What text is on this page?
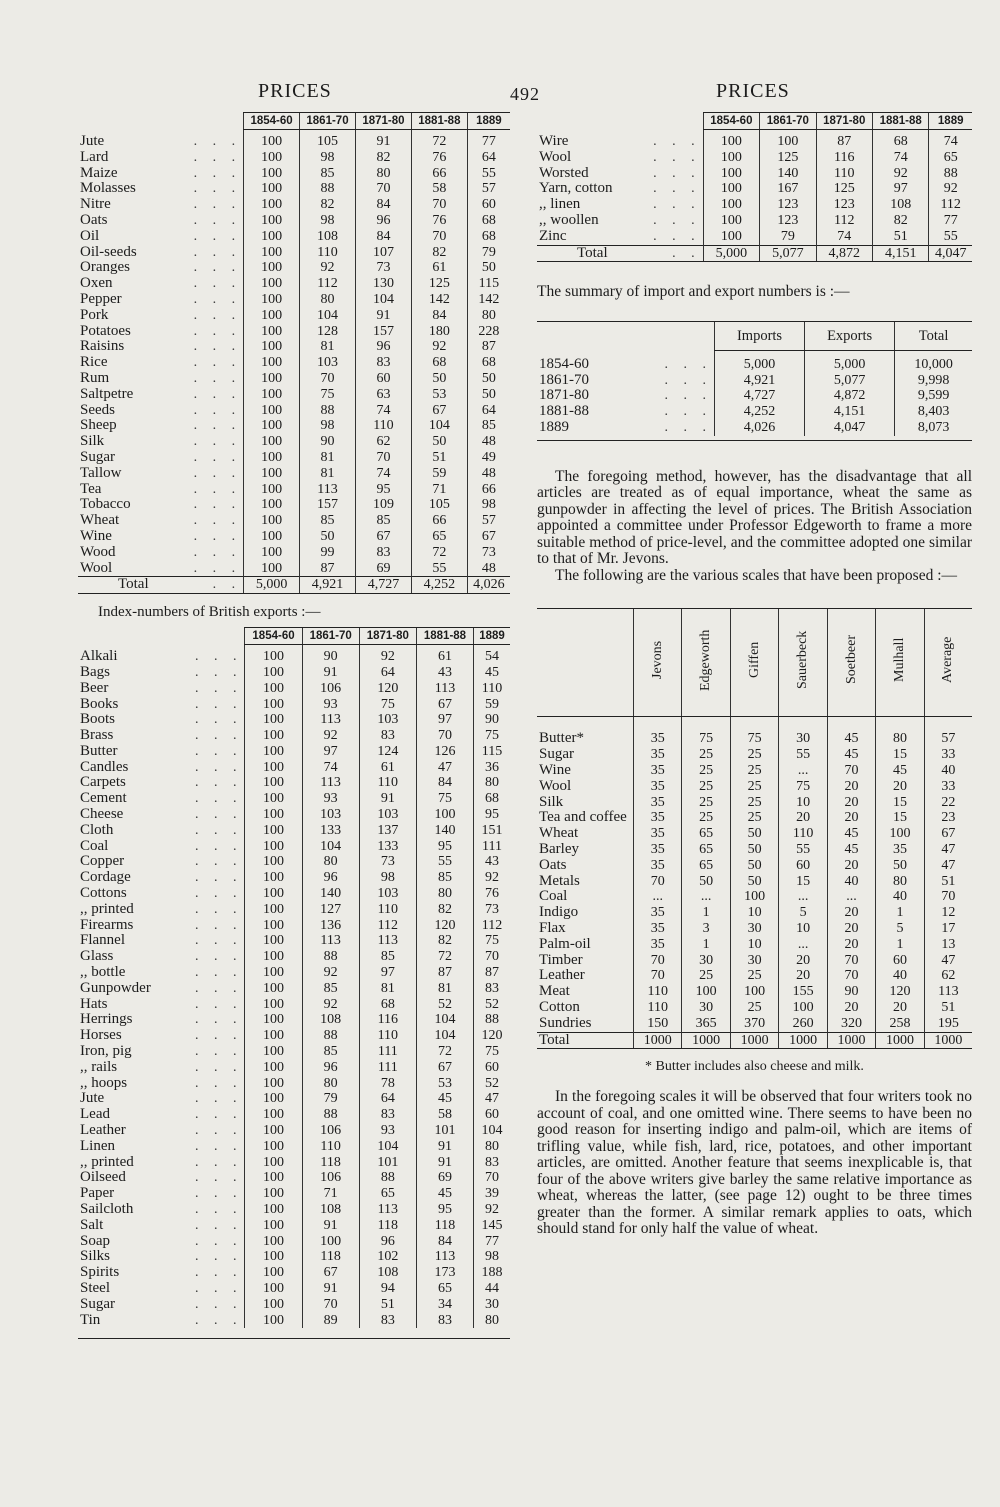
PRICES	492	PRICES
		1854-60	1861-70	1871-80	1881-88	1889
Jute	. . .	100	105	91	72	77
Lard	. . .	100	98	82	76	64
Maize	. . .	100	85	80	66	55
Molasses	. . .	100	88	70	58	57
Nitre	. . .	100	82	84	70	60
Oats	. . .	100	98	96	76	68
Oil	. . .	100	108	84	70	68
Oil-seeds	. . .	100	110	107	82	79
Oranges	. . .	100	92	73	61	50
Oxen	. . .	100	112	130	125	115
Pepper	. . .	100	80	104	142	142
Pork	. . .	100	104	91	84	80
Potatoes	. . .	100	128	157	180	228
Raisins	. . .	100	81	96	92	87
Rice	. . .	100	103	83	68	68
Rum	. . .	100	70	60	50	50
Saltpetre	. . .	100	75	63	53	50
Seeds	. . .	100	88	74	67	64
Sheep	. . .	100	98	110	104	85
Silk	. . .	100	90	62	50	48
Sugar	. . .	100	81	70	51	49
Tallow	. . .	100	81	74	59	48
Tea	. . .	100	113	95	71	66
Tobacco	. . .	100	157	109	105	98
Wheat	. . .	100	85	85	66	57
Wine	. . .	100	50	67	65	67
Wood	. . .	100	99	83	72	73
Wool	. . .	100	87	69	55	48
Total	. .	5,000	4,921	4,727	4,252	4,026
Index-numbers of British exports :—
		1854-60	1861-70	1871-80	1881-88	1889
Alkali	. . .	100	90	92	61	54
Bags	. . .	100	91	64	43	45
Beer	. . .	100	106	120	113	110
Books	. . .	100	93	75	67	59
Boots	. . .	100	113	103	97	90
Brass	. . .	100	92	83	70	75
Butter	. . .	100	97	124	126	115
Candles	. . .	100	74	61	47	36
Carpets	. . .	100	113	110	84	80
Cement	. . .	100	93	91	75	68
Cheese	. . .	100	103	103	100	95
Cloth	. . .	100	133	137	140	151
Coal	. . .	100	104	133	95	111
Copper	. . .	100	80	73	55	43
Cordage	. . .	100	96	98	85	92
Cottons	. . .	100	140	103	80	76
,, printed	. . .	100	127	110	82	73
Firearms	. . .	100	136	112	120	112
Flannel	. . .	100	113	113	82	75
Glass	. . .	100	88	85	72	70
,, bottle	. . .	100	92	97	87	87
Gunpowder	. . .	100	85	81	81	83
Hats	. . .	100	92	68	52	52
Herrings	. . .	100	108	116	104	88
Horses	. . .	100	88	110	104	120
Iron, pig	. . .	100	85	111	72	75
,, rails	. . .	100	96	111	67	60
,, hoops	. . .	100	80	78	53	52
Jute	. . .	100	79	64	45	47
Lead	. . .	100	88	83	58	60
Leather	. . .	100	106	93	101	104
Linen	. . .	100	110	104	91	80
,, printed	. . .	100	118	101	91	83
Oilseed	. . .	100	106	88	69	70
Paper	. . .	100	71	65	45	39
Sailcloth	. . .	100	108	113	95	92
Salt	. . .	100	91	118	118	145
Soap	. . .	100	100	96	84	77
Silks	. . .	100	118	102	113	98
Spirits	. . .	100	67	108	173	188
Steel	. . .	100	91	94	65	44
Sugar	. . .	100	70	51	34	30
Tin	. . .	100	89	83	83	80

		1854-60	1861-70	1871-80	1881-88	1889
Wire	. . .	100	100	87	68	74
Wool	. . .	100	125	116	74	65
Worsted	. . .	100	140	110	92	88
Yarn, cotton	. . .	100	167	125	97	92
,, linen	. . .	100	123	123	108	112
,, woollen	. . .	100	123	112	82	77
Zinc	. . .	100	79	74	51	55
Total	. .	5,000	5,077	4,872	4,151	4,047

The summary of import and export numbers is :—

		Imports	Exports	Total
1854-60	. . .	5,000	5,000	10,000
1861-70	. . .	4,921	5,077	9,998
1871-80	. . .	4,727	4,872	9,599
1881-88	. . .	4,252	4,151	8,403
1889	. . .	4,026	4,047	8,073

The foregoing method, however, has the disadvantage that all articles are treated as of equal importance, wheat the same as gunpowder in affecting the level of prices. The British Association appointed a committee under Professor Edgeworth to frame a more suitable method of price-level, and the committee adopted one similar to that of Mr. Jevons.

The following are the various scales that have been proposed :—

	Jevons	Edgeworth	Giffen	Sauerbeck	Soetbeer	Mulhall	Average
Butter*	35	75	75	30	45	80	57
Sugar	35	25	25	55	45	15	33
Wine	35	25	25	...	70	45	40
Wool	35	25	25	75	20	20	33
Silk	35	25	25	10	20	15	22
Tea and coffee	35	25	25	20	20	15	23
Wheat	35	65	50	110	45	100	67
Barley	35	65	50	55	45	35	47
Oats	35	65	50	60	20	50	47
Metals	70	50	50	15	40	80	51
Coal	...	...	100	...	...	40	70
Indigo	35	1	10	5	20	1	12
Flax	35	3	30	10	20	5	17
Palm-oil	35	1	10	...	20	1	13
Timber	70	30	30	20	70	60	47
Leather	70	25	25	20	70	40	62
Meat	110	100	100	155	90	120	113
Cotton	110	30	25	100	20	20	51
Sundries	150	365	370	260	320	258	195
Total	1000	1000	1000	1000	1000	1000	1000
* Butter includes also cheese and milk.

In the foregoing scales it will be observed that four writers took no account of coal, and one omitted wine. There seems to have been no good reason for inserting indigo and palm-oil, which are items of trifling value, while fish, lard, rice, potatoes, and other important articles, are omitted. Another feature that seems inexplicable is, that four of the above writers give barley the same relative importance as wheat, whereas the latter, (see page 12) ought to be three times greater than the former. A similar remark applies to oats, which should stand for only half the value of wheat.
